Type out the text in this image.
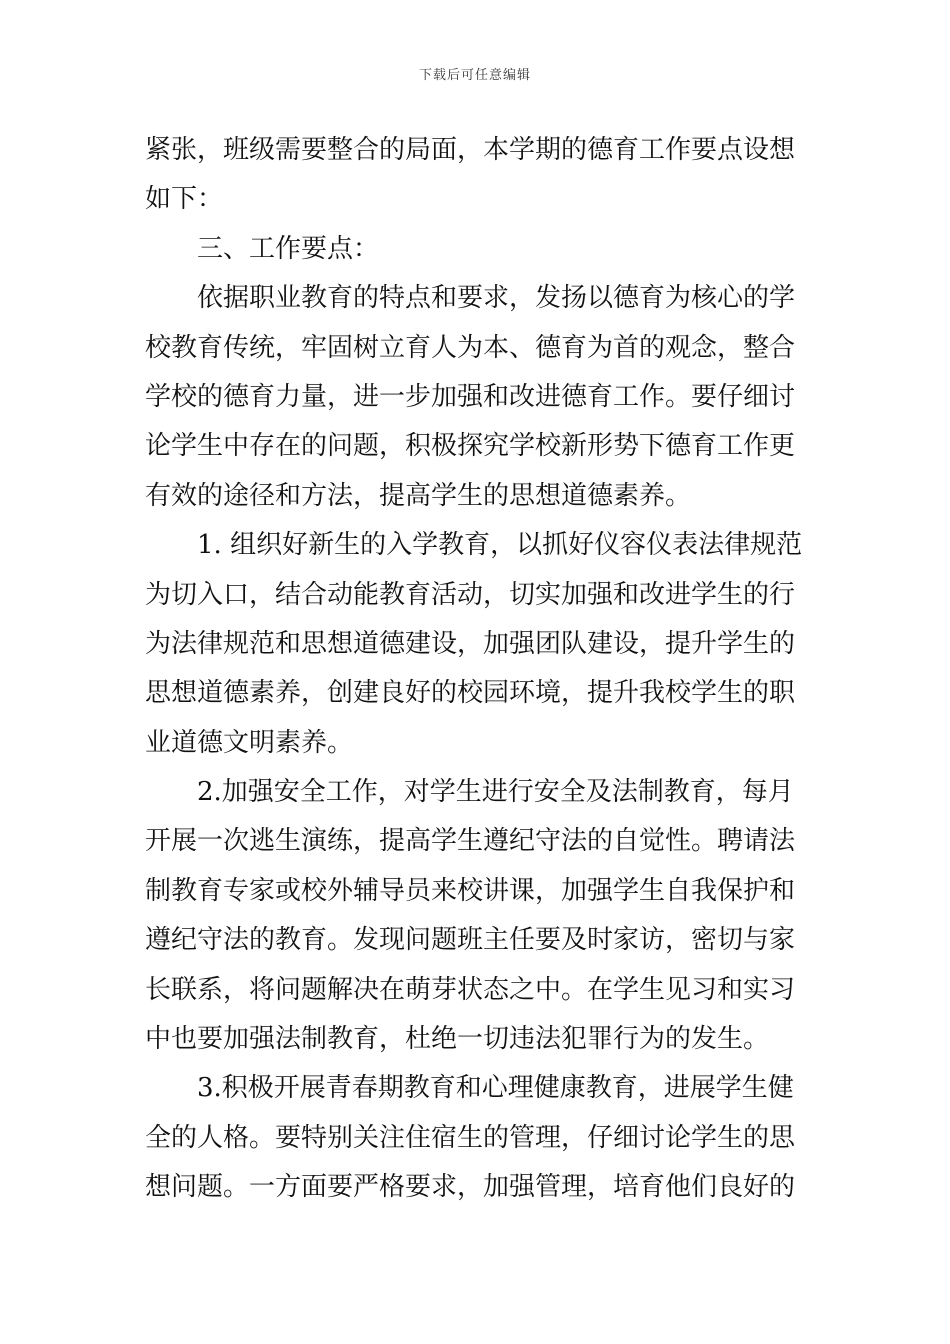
下载后可任意编辑
紧张，班级需要整合的局面，本学期的德育工作要点设想
如下：
三、工作要点：
依据职业教育的特点和要求，发扬以德育为核心的学
校教育传统，牢固树立育人为本、德育为首的观念，整合
学校的德育力量，进一步加强和改进德育工作。要仔细讨
论学生中存在的问题，积极探究学校新形势下德育工作更
有效的途径和方法，提高学生的思想道德素养。
1. 组织好新生的入学教育，以抓好仪容仪表法律规范
为切入口，结合动能教育活动，切实加强和改进学生的行
为法律规范和思想道德建设，加强团队建设，提升学生的
思想道德素养，创建良好的校园环境，提升我校学生的职
业道德文明素养。
2.加强安全工作，对学生进行安全及法制教育，每月
开展一次逃生演练，提高学生遵纪守法的自觉性。聘请法
制教育专家或校外辅导员来校讲课，加强学生自我保护和
遵纪守法的教育。发现问题班主任要及时家访，密切与家
长联系，将问题解决在萌芽状态之中。在学生见习和实习
中也要加强法制教育，杜绝一切违法犯罪行为的发生。
3.积极开展青春期教育和心理健康教育，进展学生健
全的人格。要特别关注住宿生的管理，仔细讨论学生的思
想问题。一方面要严格要求，加强管理，培育他们良好的
